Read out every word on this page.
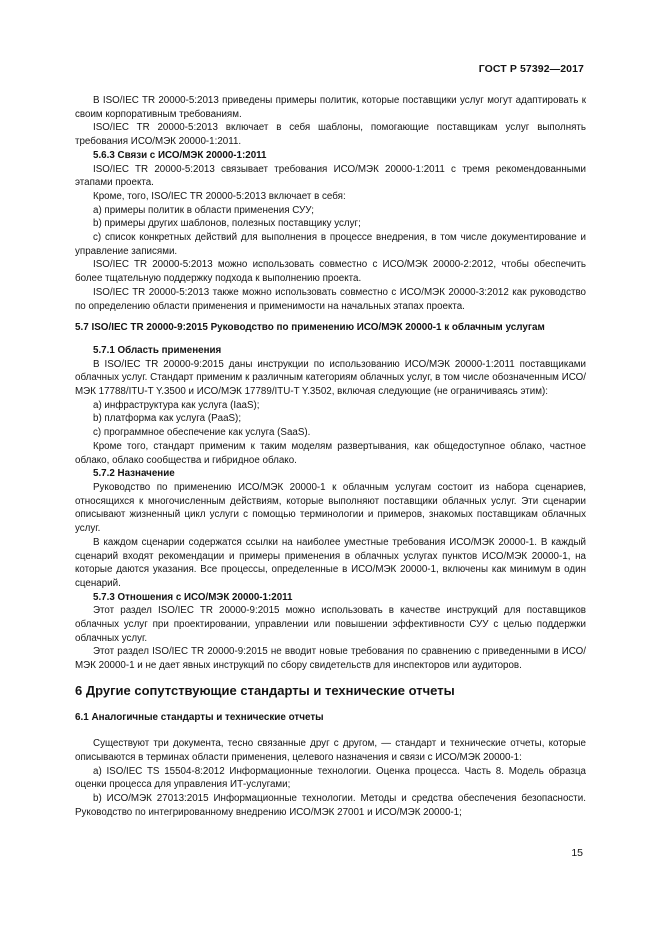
ГОСТ Р 57392—2017

В ISO/IEC TR 20000-5:2013 приведены примеры политик, которые поставщики услуг могут адаптировать к своим корпоративным требованиям.

ISO/IEC TR 20000-5:2013 включает в себя шаблоны, помогающие поставщикам услуг выполнять требования ИСО/МЭК 20000-1:2011.

5.6.3 Связи с ИСО/МЭК 20000-1:2011

ISO/IEC TR 20000-5:2013 связывает требования ИСО/МЭК 20000-1:2011 с тремя рекомендованными этапами проекта.

Кроме, того, ISO/IEC TR 20000-5:2013 включает в себя:

a) примеры политик в области применения СУУ;

b) примеры других шаблонов, полезных поставщику услуг;

c) список конкретных действий для выполнения в процессе внедрения, в том числе документирование и управление записями.

ISO/IEC TR 20000-5:2013 можно использовать совместно с ИСО/МЭК 20000-2:2012, чтобы обеспечить более тщательную поддержку подхода к выполнению проекта.

ISO/IEC TR 20000-5:2013 также можно использовать совместно с ИСО/МЭК 20000-3:2012 как руководство по определению области применения и применимости на начальных этапах проекта.

5.7 ISO/IEC TR 20000-9:2015 Руководство по применению ИСО/МЭК 20000-1 к облачным услугам

5.7.1 Область применения

В ISO/IEC TR 20000-9:2015 даны инструкции по использованию ИСО/МЭК 20000-1:2011 поставщиками облачных услуг. Стандарт применим к различным категориям облачных услуг, в том числе обозначенным ИСО/МЭК 17788/ITU-T Y.3500 и ИСО/МЭК 17789/ITU-T Y.3502, включая следующие (не ограничиваясь этим):

a) инфраструктура как услуга (IaaS);

b) платформа как услуга (PaaS);

c) программное обеспечение как услуга (SaaS).

Кроме того, стандарт применим к таким моделям развертывания, как общедоступное облако, частное облако, облако сообщества и гибридное облако.

5.7.2 Назначение

Руководство по применению ИСО/МЭК 20000-1 к облачным услугам состоит из набора сценариев, относящихся к многочисленным действиям, которые выполняют поставщики облачных услуг. Эти сценарии описывают жизненный цикл услуги с помощью терминологии и примеров, знакомых поставщикам облачных услуг.

В каждом сценарии содержатся ссылки на наиболее уместные требования ИСО/МЭК 20000-1. В каждый сценарий входят рекомендации и примеры применения в облачных услугах пунктов ИСО/МЭК 20000-1, на которые даются указания. Все процессы, определенные в ИСО/МЭК 20000-1, включены как минимум в один сценарий.

5.7.3 Отношения с ИСО/МЭК 20000-1:2011

Этот раздел ISO/IEC TR 20000-9:2015 можно использовать в качестве инструкций для поставщиков облачных услуг при проектировании, управлении или повышении эффективности СУУ с целью поддержки облачных услуг.

Этот раздел ISO/IEC TR 20000-9:2015 не вводит новые требования по сравнению с приведенными в ИСО/МЭК 20000-1 и не дает явных инструкций по сбору свидетельств для инспекторов или аудиторов.

6 Другие сопутствующие стандарты и технические отчеты

6.1 Аналогичные стандарты и технические отчеты

Существуют три документа, тесно связанные друг с другом, — стандарт и технические отчеты, которые описываются в терминах области применения, целевого назначения и связи с ИСО/МЭК 20000-1:

a) ISO/IEC TS 15504-8:2012 Информационные технологии. Оценка процесса. Часть 8. Модель образца оценки процесса для управления ИТ-услугами;

b) ИСО/МЭК 27013:2015 Информационные технологии. Методы и средства обеспечения безопасности. Руководство по интегрированному внедрению ИСО/МЭК 27001 и ИСО/МЭК 20000-1;

15
